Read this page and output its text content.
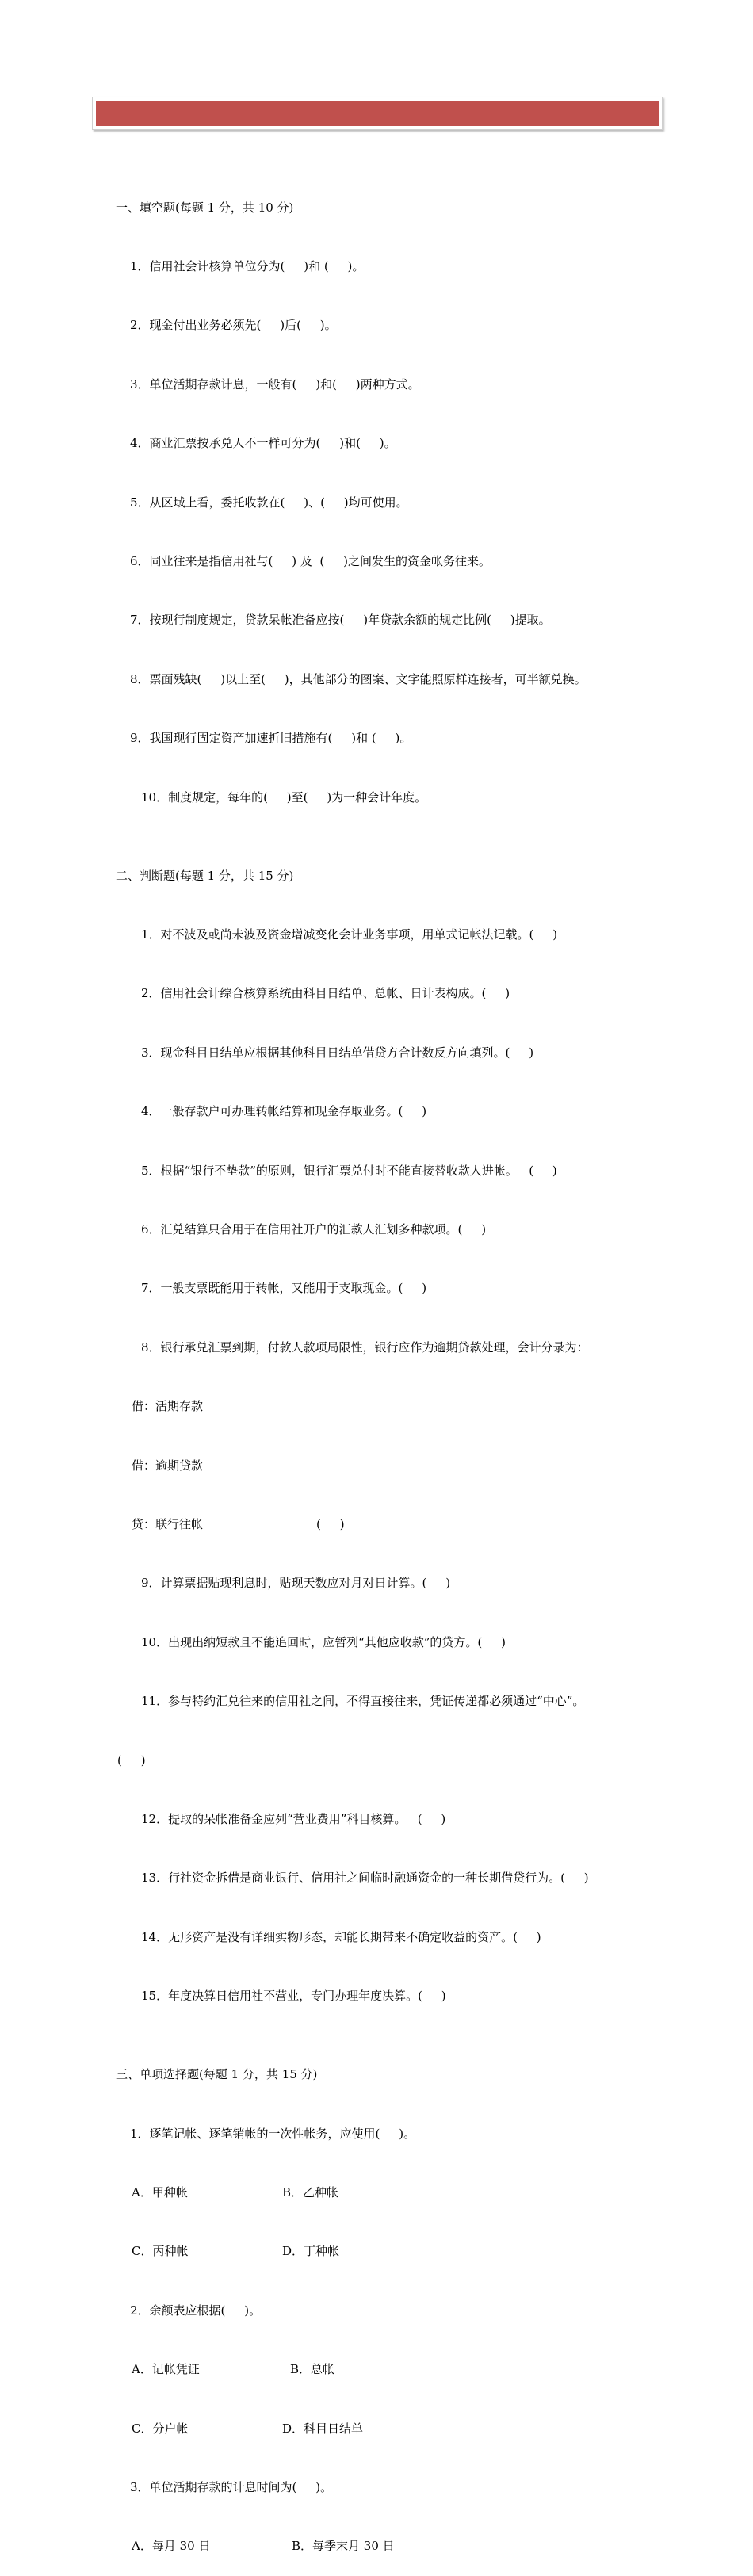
一、填空题(每题 1 分，共 10 分)

1．信用社会计核算单位分为(     )和 (     )。

2．现金付出业务必须先(     )后(     )。

3．单位活期存款计息，一般有(     )和(     )两种方式。

4．商业汇票按承兑人不一样可分为(     )和(     )。

5．从区域上看，委托收款在(     )、(     )均可使用。

6．同业往来是指信用社与(     ) 及  (     )之间发生的资金帐务往来。

7．按现行制度规定，贷款呆帐准备应按(     )年贷款余额的规定比例(     )提取。

8．票面残缺(     )以上至(     )，其他部分的图案、文字能照原样连接者，可半额兑换。

9．我国现行固定资产加速折旧措施有(     )和 (     )。

10．制度规定，每年的(     )至(     )为一种会计年度。

二、判断题(每题 1 分，共 15 分)

1．对不波及或尚未波及资金增减变化会计业务事项，用单式记帐法记载。(     )

2．信用社会计综合核算系统由科目日结单、总帐、日计表构成。(     )

3．现金科目日结单应根据其他科目日结单借贷方合计数反方向填列。(     )

4．一般存款户可办理转帐结算和现金存取业务。(     )

5．根据“银行不垫款”的原则，银行汇票兑付时不能直接替收款人进帐。   (     )

6．汇兑结算只合用于在信用社开户的汇款人汇划多种款项。(     )

7．一般支票既能用于转帐，又能用于支取现金。(     )

8．银行承兑汇票到期，付款人款项局限性，银行应作为逾期贷款处理，会计分录为：

借：活期存款

借：逾期贷款

贷：联行往帐                              (     )

9．计算票据贴现利息时，贴现天数应对月对日计算。(     )

10．出现出纳短款且不能追回时，应暂列“其他应收款”的贷方。(     )

11．参与特约汇兑往来的信用社之间，不得直接往来，凭证传递都必须通过“中心”。

(     )

12．提取的呆帐准备金应列“营业费用”科目核算。   (     )

13．行社资金拆借是商业银行、信用社之间临时融通资金的一种长期借贷行为。(     )

14．无形资产是没有详细实物形态，却能长期带来不确定收益的资产。(     )

15．年度决算日信用社不营业，专门办理年度决算。(     )

三、单项选择题(每题 1 分，共 15 分)

1．逐笔记帐、逐笔销帐的一次性帐务，应使用(     )。

A．甲种帐	B．乙种帐

C．丙种帐	D．丁种帐

2．余额表应根据(     )。

A．记帐凭证	B．总帐

C．分户帐	D．科目日结单

3．单位活期存款的计息时间为(     )。

A．每月 30 日	B．每季末月 30 日
